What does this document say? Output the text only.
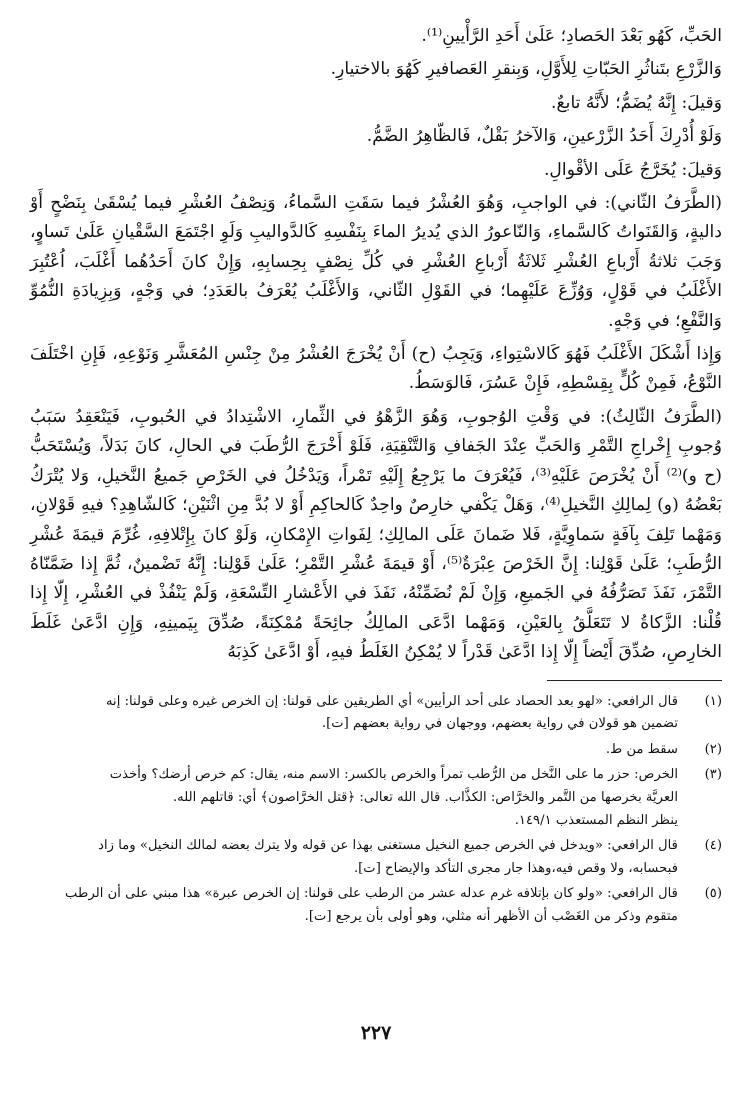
الحَبِّ، كَهُو بَعْدَ الحَصادِ؛ عَلَىٰ أَحَدِ الرَّأْيينِ⁽¹⁾.

وَالزَّرْعِ بتَناثُرِ الحَبّاتِ لِلأَوَّلِ، وَبِنقرِ العَصافيرِ كَهُوَ بالاختيارِ.

وَقيلَ: إِنَّهُ يُضَمُّ؛ لأَنَّهُ تابعٌ.

وَلَوْ أُدْرِكَ أَحَدُ الزَّرْعينِ، وَالآخرُ بَقْلٌ، فَالظّاهِرُ الضَّمُّ.

وَقيلَ: يُخَرَّجُ عَلَى الأقْوالِ.

(الطَّرَفُ الثّاني): في الواجبِ، وَهُوَ العُشْرُ فيما سَقَتِ السَّماءُ، وَنِصْفُ العُشْرِ فيما يُسْقَىٰ بِنَضْحٍ أَوْ داليةٍ، وَالقَنَواتُ كَالسَّماءِ، وَالنّاعورُ الذي يُديرُ الماءَ بِنَفْسِهِ كَالدَّواليبِ وَلَوِ اجْتَمَعَ السَّقْيانِ عَلَىٰ تَساوٍ، وَجَبَ ثلاثةُ أَرْباعِ العُشْرِ ثَلاثَةُ أَرْباعِ العُشْرِ في كُلِّ نِصْفٍ بِحِسابِهِ، وَإِنْ كانَ أَحَدُهُما أَغْلَبَ، اُعْتُبِرَ الأَغْلَبُ في قَوْلٍ، وَوُزِّعَ عَلَيْهِما؛ في القَوْلِ الثّاني، وَالأَغْلَبُ يُعْرَفُ بالعَدَدِ؛ في وَجْهٍ، وَبِزِيادَةِ النُّمُوِّ وَالنَّفْعِ؛ في وَجْهٍ.

وَإِذا أَشْكَلَ الأَغْلَبُ فَهُوَ كَالاسْتِواءِ، وَيَجِبُ (ح) أَنْ يُخْرَجَ العُشْرُ مِنْ جِنْسِ المُعَشَّرِ وَنَوْعِهِ، فَإِنِ اخْتَلَفَ النَّوْعُ، فَمِنْ كُلٍّ بِقِسْطِهِ، فَإِنْ عَسُرَ، فَالوَسَطُ.

(الطَّرَفُ الثّالِثُ): في وَقْتِ الوُجوبِ، وَهُوَ الزَّهْوُ في الثِّمارِ، الاشْتِدادُ في الحُبوبِ، فَيَنْعَقِدُ سَبَبُ وُجوبِ إِخْراجِ التَّمْرِ وَالحَبِّ عِنْدَ الجَفافِ وَالتَّنْقِيَةِ، فَلَوْ أَخْرَجَ الرُّطَبَ في الحالِ، كانَ بَدَلاً، وَيُسْتَحَبُّ (ح و)⁽²⁾ أَنْ يُخْرَصَ عَلَيْهِ⁽³⁾، فَيُعْرَفَ ما يَرْجِعُ إِلَيْهِ تَمْراً، وَيَدْخُلُ في الخَرْصِ جَميعُ النَّخيلِ، وَلا يُتْرَكُ بَعْضُهُ (و) لِمالِكِ النَّخيلِ⁽⁴⁾، وَهَلْ يَكْفي خارِصٌ واحِدٌ كَالحاكِمِ أَوْ لا بُدَّ مِنِ اثْنَيْنِ؛ كَالشّاهِدِ؟ فيهِ قَوْلانِ، وَمَهْما تَلِفَ بِآفَةٍ سَماوِيَّةٍ، فَلا ضَمانَ عَلَى المالِكِ؛ لِفَواتِ الإِمْكانِ، وَلَوْ كانَ بِإِتْلافِهِ، غُرِّمَ قيمَةَ عُشْرِ الرُّطَبِ؛ عَلَىٰ قَوْلِنا: إِنَّ الخَرْصَ عِبْرَةٌ⁽⁵⁾، أَوْ قيمَةَ عُشْرِ التَّمْرِ؛ عَلَىٰ قَوْلِنا: إِنَّهُ تَضْمينٌ، ثُمَّ إِذا ضَمَّنّاهُ التَّمْرَ، نَفَذَ تَصَرُّفُهُ في الجَميعِ، وَإِنْ لَمْ نُضَمِّنْهُ، نَفَذَ في الأَعْشارِ التِّسْعَةِ، وَلَمْ يَنْفُذْ في العُشْرِ، إِلّا إِذا قُلْنا: الزَّكاةُ لا تَتَعَلَّقُ بِالعَيْنِ، وَمَهْما ادَّعَى المالِكُ جائِحَةً مُمْكِنَةً، صُدِّقَ بِيَمينِهِ، وَإِنِ ادَّعَىٰ غَلَطَ الخارِصِ، صُدِّقَ أَيْضاً إِلّا إِذا ادَّعَىٰ قَدْراً لا يُمْكِنُ الغَلَطُ فيهِ، أَوْ ادَّعَىٰ كَذِبَهُ

(١)
قال الرافعي: «لهو بعد الحصاد على أحد الرأيين» أي الطريقين على قولنا: إن الخرص غيره وعلى قولنا: إنه
تضمين هو قولان في رواية بعضهم، ووجهان في رواية بعضهم [ت].
(٢)
سقط من ط.
(٣)
الخرص: حزر ما على النَّخل من الرُّطب تمراً والخرص بالكسر: الاسم منه، يقال: كم خرص أرضك؟ وأخذت
العريَّة بخرصها من التَّمر والخرَّاص: الكذَّاب. قال الله تعالى: ﴿قتل الخرَّاصون﴾ أي: قاتلهم الله.
ينظر النظم المستعذب ١٤٩/١.
(٤)
قال الرافعي: «ويدخل في الخرص جميع النخيل مستغنى بهذا عن قوله ولا يترك بعضه لمالك النخيل» وما زاد
فبحسابه، ولا وقص فيه،وهذا جار مجرى التأكد والإيضاح [ت].
(٥)
قال الرافعي: «ولو كان بإتلافه غرم عدله عشر من الرطب على قولنا: إن الخرص عبرة» هذا مبني على أن الرطب
متقوم وذكر من الغَصْب أن الأظهر أنه مثلي، وهو أولى بأن يرجع [ت].
٢٢٧
